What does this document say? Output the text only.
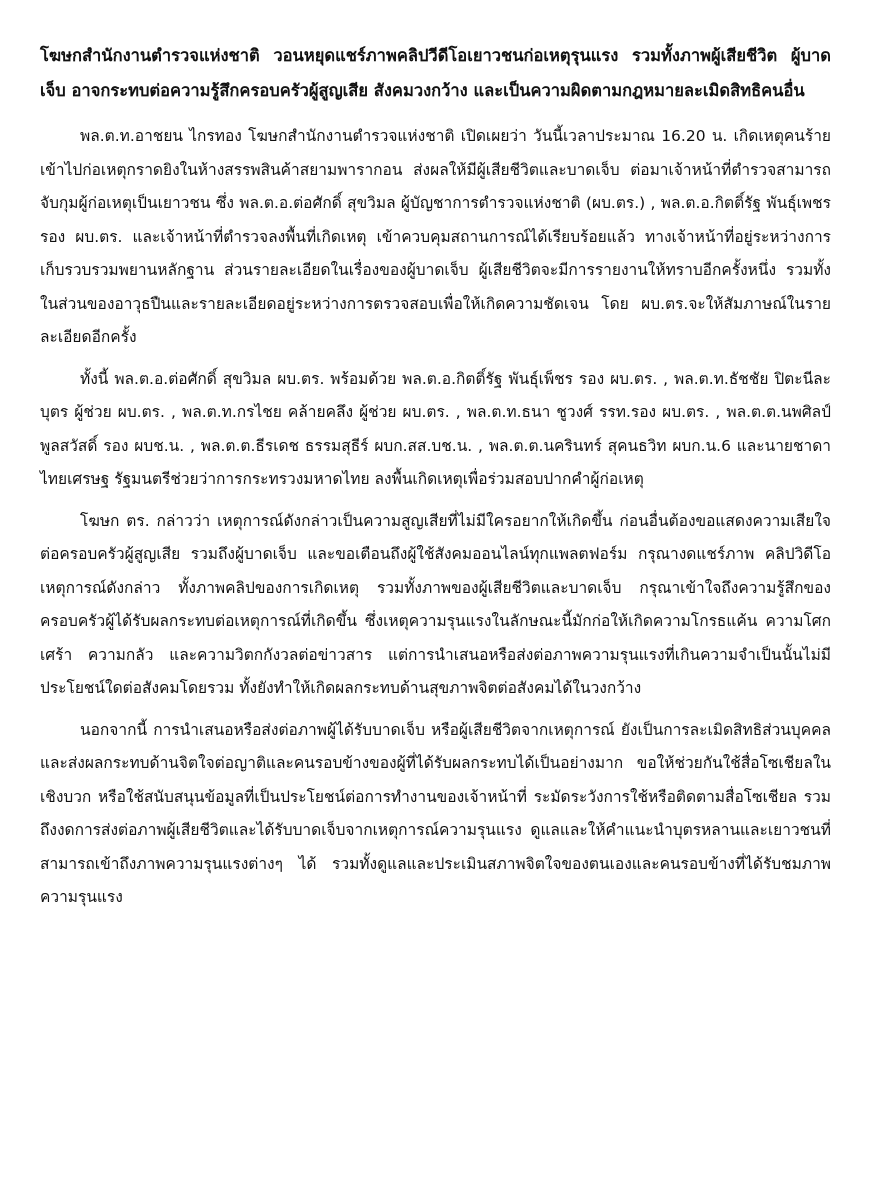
โฆษกสำนักงานตำรวจแห่งชาติ วอนหยุดแชร์ภาพคลิปวีดีโอเยาวชนก่อเหตุรุนแรง รวมทั้งภาพผู้เสียชีวิต ผู้บาดเจ็บ อาจกระทบต่อความรู้สึกครอบครัวผู้สูญเสีย สังคมวงกว้าง และเป็นความผิดตามกฎหมายละเมิดสิทธิคนอื่น

พล.ต.ท.อาชยน ไกรทอง โฆษกสำนักงานตำรวจแห่งชาติ เปิดเผยว่า วันนี้เวลาประมาณ 16.20 น. เกิดเหตุคนร้ายเข้าไปก่อเหตุกราดยิงในห้างสรรพสินค้าสยามพารากอน ส่งผลให้มีผู้เสียชีวิตและบาดเจ็บ ต่อมาเจ้าหน้าที่ตำรวจสามารถจับกุมผู้ก่อเหตุเป็นเยาวชน ซึ่ง พล.ต.อ.ต่อศักดิ์ สุขวิมล ผู้บัญชาการตำรวจแห่งชาติ (ผบ.ตร.) , พล.ต.อ.กิตติ์รัฐ พันธุ์เพชร รอง ผบ.ตร. และเจ้าหน้าที่ตำรวจลงพื้นที่เกิดเหตุ เข้าควบคุมสถานการณ์ได้เรียบร้อยแล้ว ทางเจ้าหน้าที่อยู่ระหว่างการเก็บรวบรวมพยานหลักฐาน ส่วนรายละเอียดในเรื่องของผู้บาดเจ็บ ผู้เสียชีวิตจะมีการรายงานให้ทราบอีกครั้งหนึ่ง รวมทั้งในส่วนของอาวุธปืนและรายละเอียดอยู่ระหว่างการตรวจสอบเพื่อให้เกิดความชัดเจน โดย ผบ.ตร.จะให้สัมภาษณ์ในรายละเอียดอีกครั้ง

ทั้งนี้ พล.ต.อ.ต่อศักดิ์ สุขวิมล ผบ.ตร. พร้อมด้วย พล.ต.อ.กิตติ์รัฐ พันธุ์เพ็ชร รอง ผบ.ตร. , พล.ต.ท.ธัชชัย ปิตะนีละบุตร ผู้ช่วย ผบ.ตร. , พล.ต.ท.กรไชย คล้ายคลึง ผู้ช่วย ผบ.ตร. , พล.ต.ท.ธนา ชูวงศ์ รรท.รอง ผบ.ตร. , พล.ต.ต.นพศิลป์ พูลสวัสดิ์ รอง ผบช.น. , พล.ต.ต.ธีรเดช ธรรมสุธีร์ ผบก.สส.บช.น. , พล.ต.ต.นครินทร์ สุคนธวิท ผบก.น.6 และนายชาดา ไทยเศรษฐ รัฐมนตรีช่วยว่าการกระทรวงมหาดไทย ลงพื้นเกิดเหตุเพื่อร่วมสอบปากคำผู้ก่อเหตุ

โฆษก ตร. กล่าวว่า เหตุการณ์ดังกล่าวเป็นความสูญเสียที่ไม่มีใครอยากให้เกิดขึ้น ก่อนอื่นต้องขอแสดงความเสียใจต่อครอบครัวผู้สูญเสีย รวมถึงผู้บาดเจ็บ และขอเตือนถึงผู้ใช้สังคมออนไลน์ทุกแพลตฟอร์ม กรุณางดแชร์ภาพ คลิปวิดีโอ เหตุการณ์ดังกล่าว ทั้งภาพคลิปของการเกิดเหตุ รวมทั้งภาพของผู้เสียชีวิตและบาดเจ็บ กรุณาเข้าใจถึงความรู้สึกของครอบครัวผู้ได้รับผลกระทบต่อเหตุการณ์ที่เกิดขึ้น ซึ่งเหตุความรุนแรงในลักษณะนี้มักก่อให้เกิดความโกรธแค้น ความโศกเศร้า ความกลัว และความวิตกกังวลต่อข่าวสาร แต่การนำเสนอหรือส่งต่อภาพความรุนแรงที่เกินความจำเป็นนั้นไม่มีประโยชน์ใดต่อสังคมโดยรวม ทั้งยังทำให้เกิดผลกระทบด้านสุขภาพจิตต่อสังคมได้ในวงกว้าง

นอกจากนี้ การนำเสนอหรือส่งต่อภาพผู้ได้รับบาดเจ็บ หรือผู้เสียชีวิตจากเหตุการณ์ ยังเป็นการละเมิดสิทธิส่วนบุคคล และส่งผลกระทบด้านจิตใจต่อญาติและคนรอบข้างของผู้ที่ได้รับผลกระทบได้เป็นอย่างมาก ขอให้ช่วยกันใช้สื่อโซเชียลในเชิงบวก หรือใช้สนับสนุนข้อมูลที่เป็นประโยชน์ต่อการทำงานของเจ้าหน้าที่ ระมัดระวังการใช้หรือติดตามสื่อโซเชียล รวมถึงงดการส่งต่อภาพผู้เสียชีวิตและได้รับบาดเจ็บจากเหตุการณ์ความรุนแรง ดูแลและให้คำแนะนำบุตรหลานและเยาวชนที่สามารถเข้าถึงภาพความรุนแรงต่างๆ ได้ รวมทั้งดูแลและประเมินสภาพจิตใจของตนเองและคนรอบข้างที่ได้รับชมภาพความรุนแรง
